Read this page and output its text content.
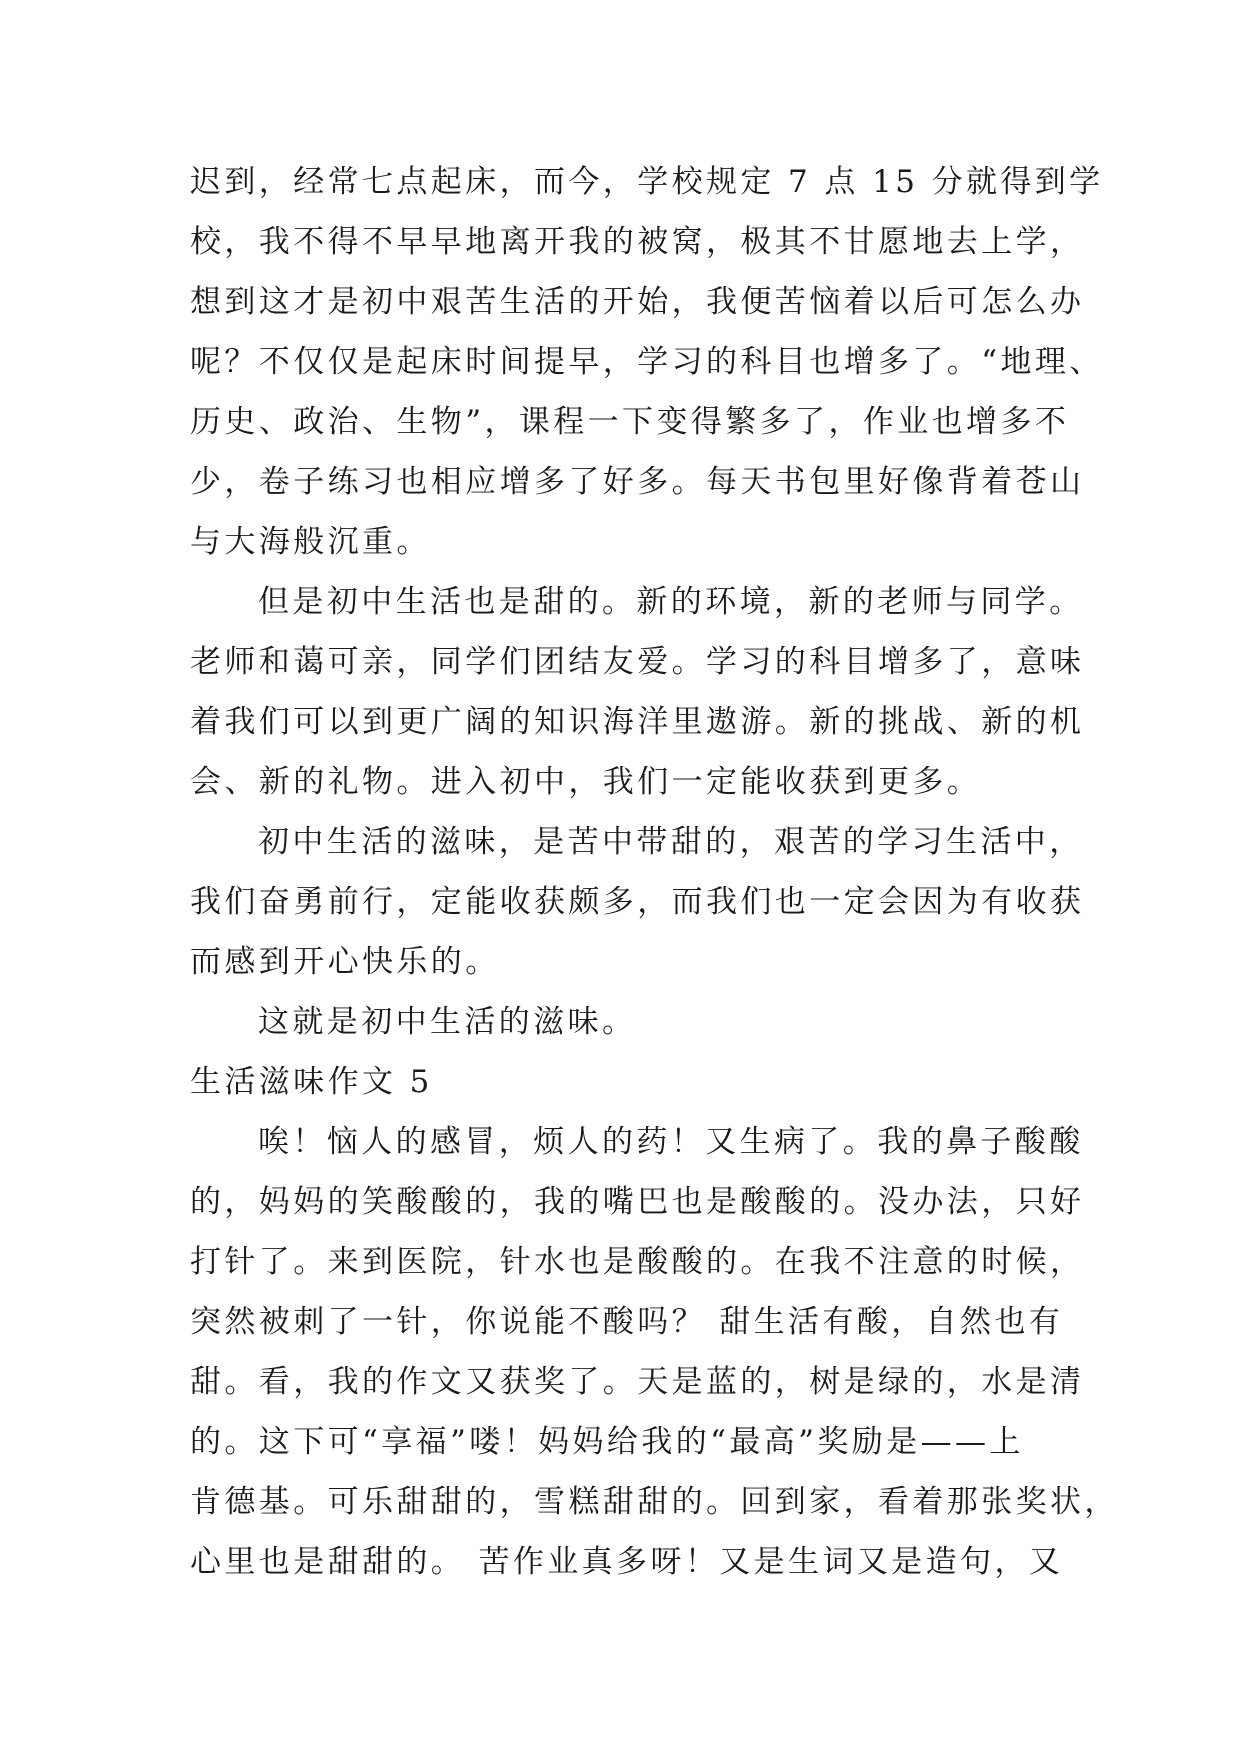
迟到，经常七点起床，而今，学校规定 7 点 15 分就得到学
校，我不得不早早地离开我的被窝，极其不甘愿地去上学，
想到这才是初中艰苦生活的开始，我便苦恼着以后可怎么办
呢？不仅仅是起床时间提早，学习的科目也增多了。“地理、
历史、政治、生物”，课程一下变得繁多了，作业也增多不
少，卷子练习也相应增多了好多。每天书包里好像背着苍山
与大海般沉重。
但是初中生活也是甜的。新的环境，新的老师与同学。
老师和蔼可亲，同学们团结友爱。学习的科目增多了，意味
着我们可以到更广阔的知识海洋里遨游。新的挑战、新的机
会、新的礼物。进入初中，我们一定能收获到更多。
初中生活的滋味，是苦中带甜的，艰苦的学习生活中，
我们奋勇前行，定能收获颇多，而我们也一定会因为有收获
而感到开心快乐的。
这就是初中生活的滋味。
生活滋味作文 5
唉！恼人的感冒，烦人的药！又生病了。我的鼻子酸酸
的，妈妈的笑酸酸的，我的嘴巴也是酸酸的。没办法，只好
打针了。来到医院，针水也是酸酸的。在我不注意的时候，
突然被刺了一针，你说能不酸吗？ 甜生活有酸，自然也有
甜。看，我的作文又获奖了。天是蓝的，树是绿的，水是清
的。这下可“享福”喽！妈妈给我的“最高”奖励是——上
肯德基。可乐甜甜的，雪糕甜甜的。回到家，看着那张奖状，
心里也是甜甜的。 苦作业真多呀！又是生词又是造句，又
